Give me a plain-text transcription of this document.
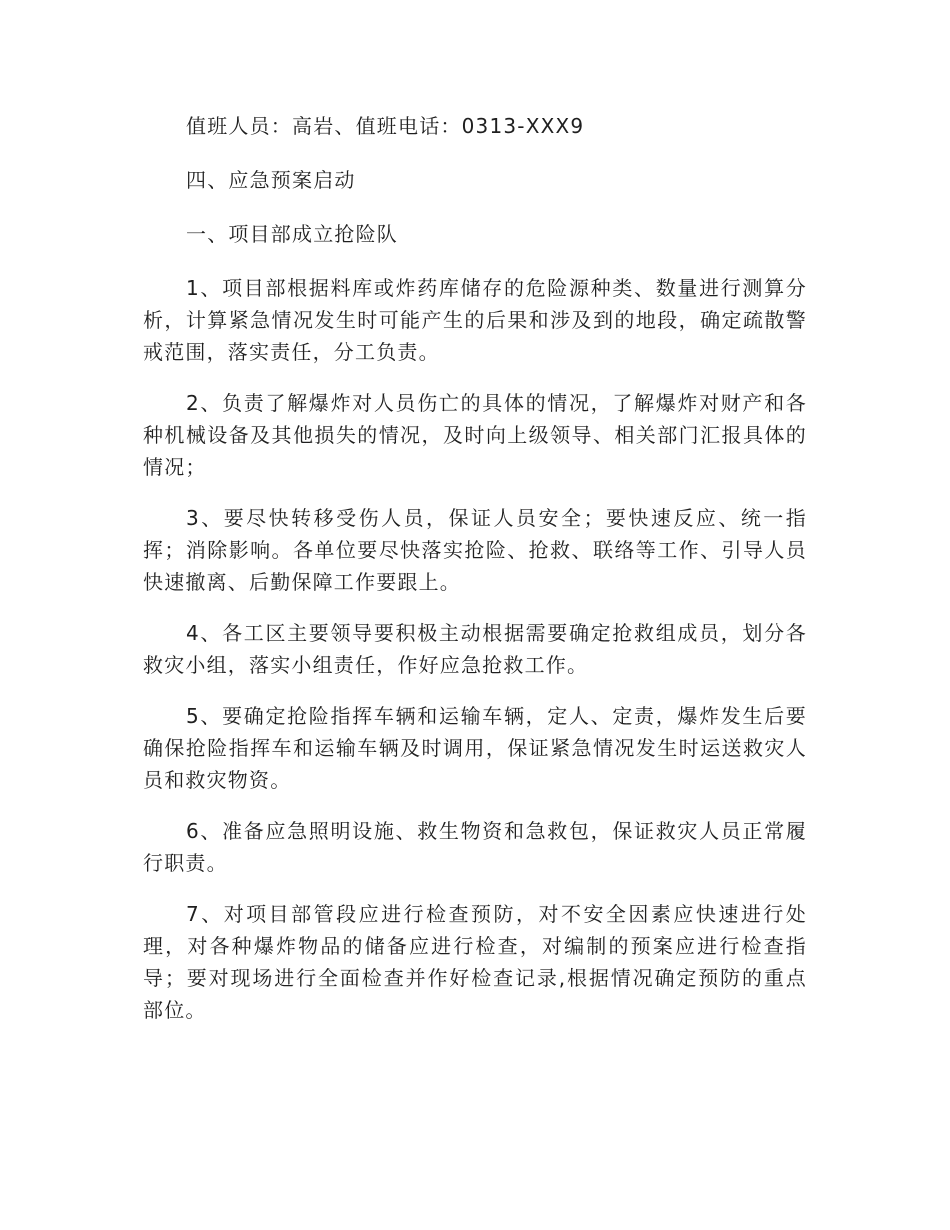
值班人员：高岩、值班电话：0313-XXX9

四、应急预案启动

一、项目部成立抢险队

1、项目部根据料库或炸药库储存的危险源种类、数量进行测算分析，计算紧急情况发生时可能产生的后果和涉及到的地段，确定疏散警戒范围，落实责任，分工负责。

2、负责了解爆炸对人员伤亡的具体的情况，了解爆炸对财产和各种机械设备及其他损失的情况，及时向上级领导、相关部门汇报具体的情况；

3、要尽快转移受伤人员，保证人员安全；要快速反应、统一指挥；消除影响。各单位要尽快落实抢险、抢救、联络等工作、引导人员快速撤离、后勤保障工作要跟上。

4、各工区主要领导要积极主动根据需要确定抢救组成员，划分各救灾小组，落实小组责任，作好应急抢救工作。

5、要确定抢险指挥车辆和运输车辆，定人、定责，爆炸发生后要确保抢险指挥车和运输车辆及时调用，保证紧急情况发生时运送救灾人员和救灾物资。

6、准备应急照明设施、救生物资和急救包，保证救灾人员正常履行职责。

7、对项目部管段应进行检查预防，对不安全因素应快速进行处理，对各种爆炸物品的储备应进行检查，对编制的预案应进行检查指导；要对现场进行全面检查并作好检查记录,根据情况确定预防的重点部位。
